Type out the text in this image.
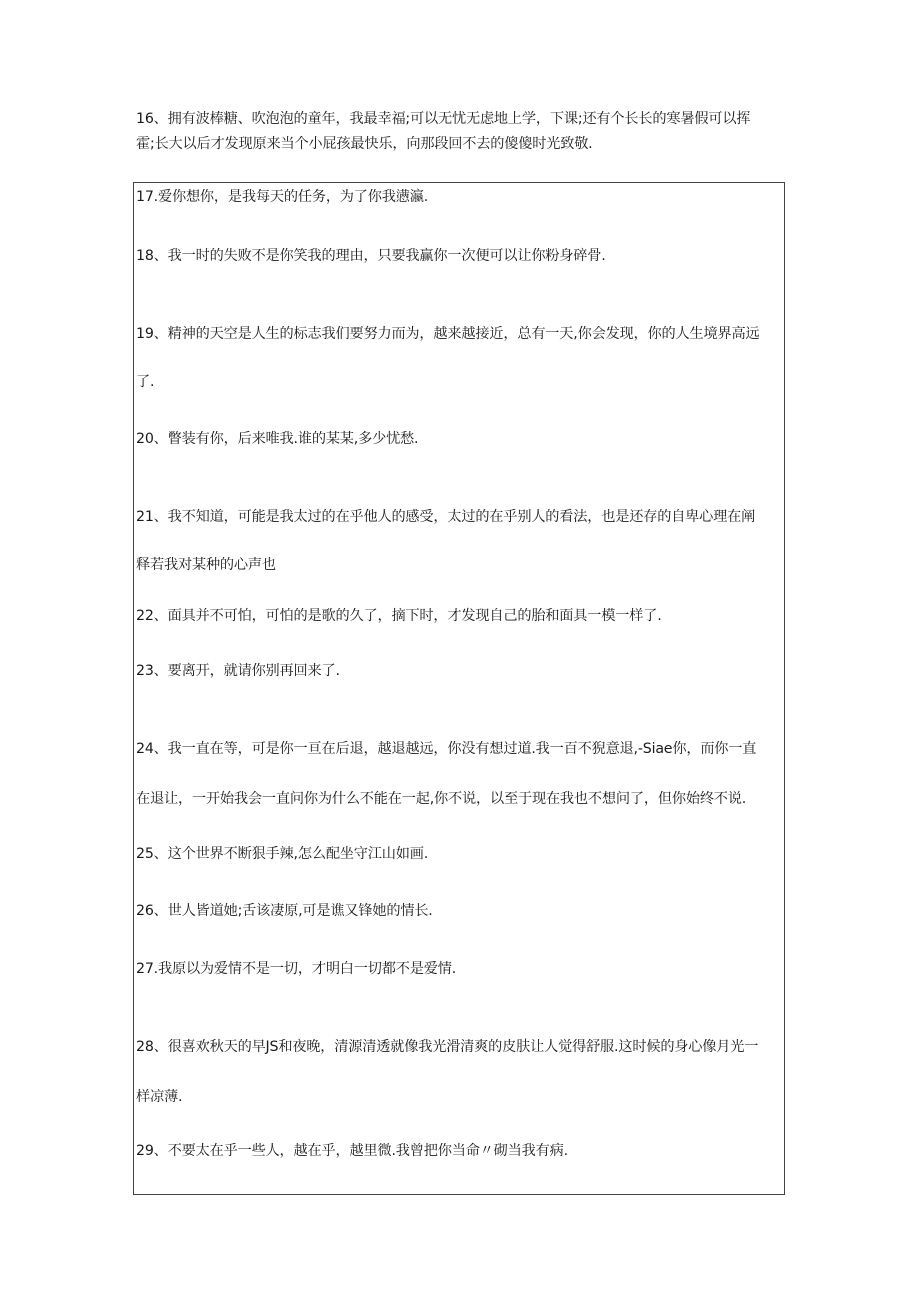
16、拥有波棒糖、吹泡泡的童年，我最幸福;可以无忧无虑地上学，下课;还有个长长的寒暑假可以挥
霍;长大以后才发现原来当个小屁孩最快乐，向那段回不去的傻傻时光致敬.
17.爱你想你，是我每天的任务，为了你我懑瀛.
18、我一时的失败不是你笑我的理由，只要我赢你一次便可以让你粉身碎骨.
19、精神的天空是人生的标志我们要努力而为，越来越接近，总有一天,你会发现，你的人生境界高远
了.
20、瞥装有你，后来唯我.谁的某某,多少忧愁.
21、我不知道，可能是我太过的在乎他人的感受，太过的在乎别人的看法，也是还存的自卑心理在阐
释若我对某种的心声也
22、面具并不可怕，可怕的是歌的久了，摘下时，才发现自己的胎和面具一模一样了.
23、要离开，就请你别再回来了.
24、我一直在等，可是你一亘在后退，越退越远，你没有想过道.我一百不猊意退,-Siae你，而你一直
在退让，一开始我会一直问你为什么不能在一起,你不说，以至于现在我也不想问了，但你始终不说.
25、这个世界不断狠手辣,怎么配坐守江山如画.
26、世人皆道她;舌该凄原,可是谯又锋她的情长.
27.我原以为爱情不是一切，才明白一切都不是爱情.
28、很喜欢秋天的早JS和夜晚，清源清透就像我光滑清爽的皮肤让人觉得舒服.这时候的身心像月光一
样凉薄.
29、不要太在乎一些人，越在乎，越里微.我曾把你当命〃砌当我有病.
